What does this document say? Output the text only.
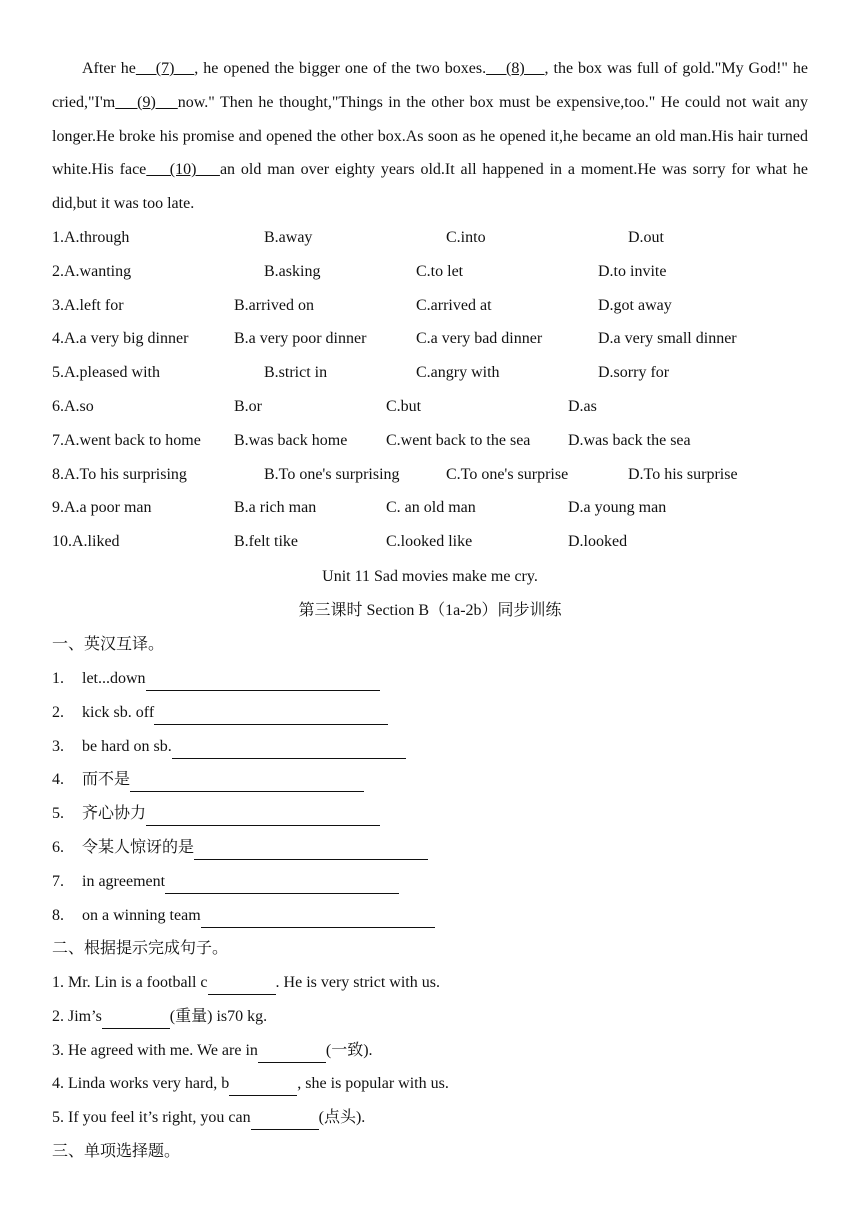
After he    (7)    , he opened the bigger one of the two boxes.    (8)    , the box was full of gold."My God!" he cried,"I'm    (9)    now." Then he thought,"Things in the other box must be expensive,too." He could not wait any longer.He broke his promise and opened the other box.As soon as he opened it,he became an old man.His hair turned white.His face    (10)    an old man over eighty years old.It all happened in a moment.He was sorry for what he did,but it was too late.

1.A.through	B.away	C.into	D.out
2.A.wanting	B.asking	C.to let	D.to invite
3.A.left for	B.arrived on	C.arrived at	D.got away
4.A.a very big dinner	B.a very poor dinner	C.a very bad dinner	D.a very small dinner
5.A.pleased with	B.strict in	C.angry with	D.sorry for
6.A.so	B.or	C.but	D.as
7.A.went back to home B.was back home C.went back to the sea D.was back the sea
8.A.To his surprising	B.To one's surprising	C.To one's surprise	D.To his surprise
9.A.a poor man	B.a rich man	C. an old man	D.a young man
10.A.liked	B.felt tike	C.looked like	D.looked
Unit 11 Sad movies make me cry.
第三课时 Section B（1a-2b）同步训练
一、英汉互译。
1. let...down
2. kick sb. off
3. be hard on sb.
4. 而不是
5. 齐心协力
6. 令某人惊讶的是
7. in agreement
8. on a winning team
二、根据提示完成句子。
1. Mr. Lin is a football c	. He is very strict with us.
2. Jim’s	(重量) is70 kg.
3. He agreed with me. We are in	(一致).
4. Linda works very hard, b	, she is popular with us.
5. If you feel it’s right, you can	(点头).
三、单项选择题。
